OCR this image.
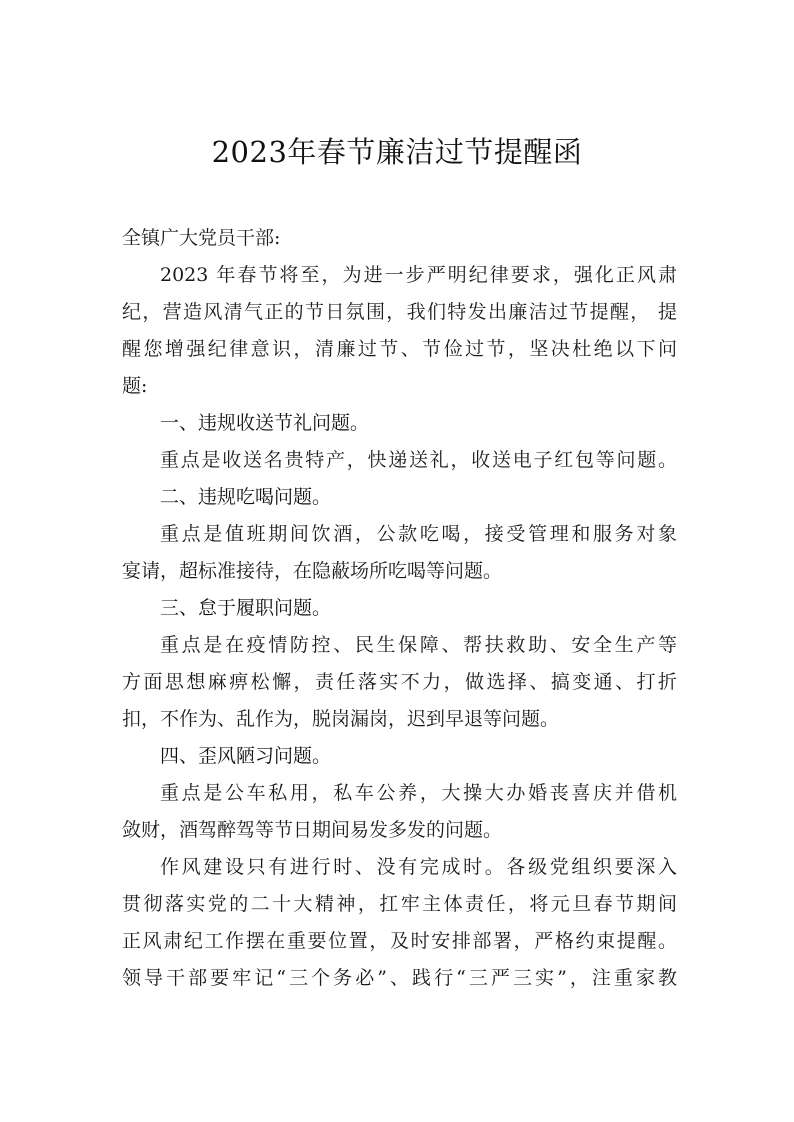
2023年春节廉洁过节提醒函
全镇广大党员干部:
2023 年春节将至，为进一步严明纪律要求，强化正风肃
纪，营造风清气正的节日氛围，我们特发出廉洁过节提醒， 提
醒您增强纪律意识，清廉过节、节俭过节，坚决杜绝以下问
题:
一、违规收送节礼问题。
重点是收送名贵特产，快递送礼，收送电子红包等问题。
二、违规吃喝问题。
重点是值班期间饮酒，公款吃喝，接受管理和服务对象
宴请，超标准接待，在隐蔽场所吃喝等问题。
三、怠于履职问题。
重点是在疫情防控、民生保障、帮扶救助、安全生产等
方面思想麻痹松懈，责任落实不力，做选择、搞变通、打折
扣，不作为、乱作为，脱岗漏岗，迟到早退等问题。
四、歪风陋习问题。
重点是公车私用，私车公养，大操大办婚丧喜庆并借机
敛财，酒驾醉驾等节日期间易发多发的问题。
作风建设只有进行时、没有完成时。各级党组织要深入
贯彻落实党的二十大精神，扛牢主体责任，将元旦春节期间
正风肃纪工作摆在重要位置，及时安排部署，严格约束提醒。
领导干部要牢记“三个务必”、践行“三严三实”，注重家教
